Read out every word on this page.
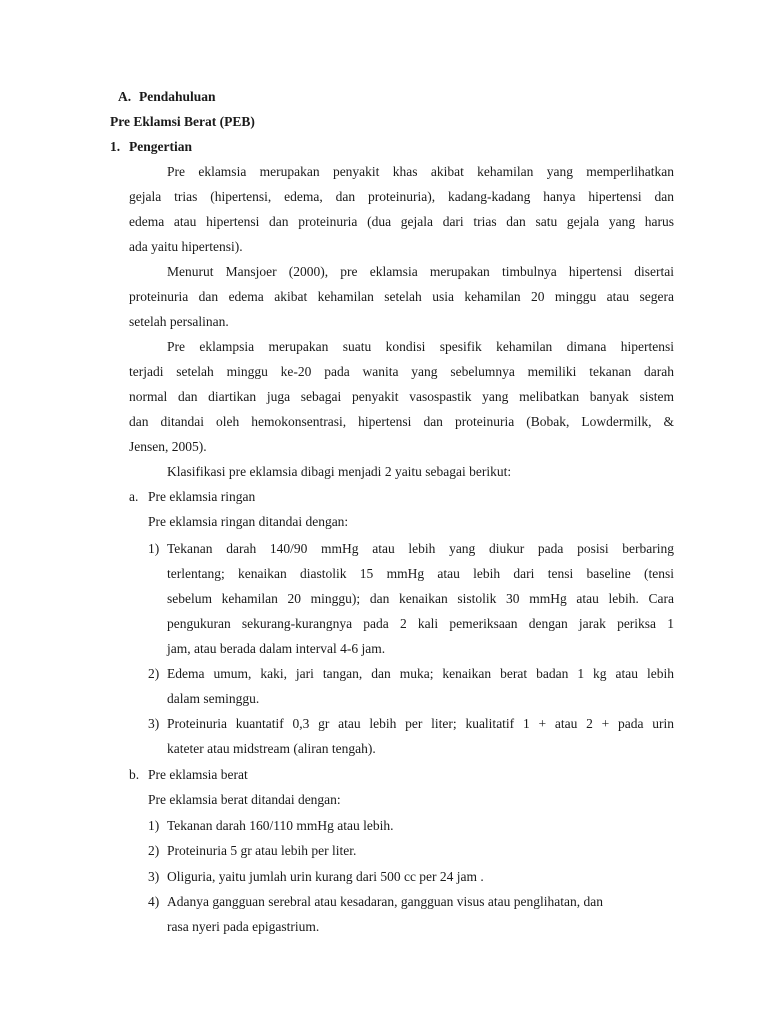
A. Pendahuluan
Pre Eklamsi Berat (PEB)
1. Pengertian
Pre eklamsia merupakan penyakit khas akibat kehamilan yang memperlihatkan
gejala trias (hipertensi, edema, dan proteinuria), kadang-kadang hanya hipertensi dan
edema atau hipertensi dan proteinuria (dua gejala dari trias dan satu gejala yang harus
ada yaitu hipertensi).
Menurut Mansjoer (2000), pre eklamsia merupakan timbulnya hipertensi disertai
proteinuria dan edema akibat kehamilan setelah usia kehamilan 20 minggu atau segera
setelah persalinan.
Pre eklampsia merupakan suatu kondisi spesifik kehamilan dimana hipertensi
terjadi setelah minggu ke-20 pada wanita yang sebelumnya memiliki tekanan darah
normal dan diartikan juga sebagai penyakit vasospastik yang melibatkan banyak sistem
dan ditandai oleh hemokonsentrasi, hipertensi dan proteinuria (Bobak, Lowdermilk, &
Jensen, 2005).
Klasifikasi pre eklamsia dibagi menjadi 2 yaitu sebagai berikut:
a. Pre eklamsia ringan
Pre eklamsia ringan ditandai dengan:
1) Tekanan darah 140/90 mmHg atau lebih yang diukur pada posisi berbaring
terlentang; kenaikan diastolik 15 mmHg atau lebih dari tensi baseline (tensi
sebelum kehamilan 20 minggu); dan kenaikan sistolik 30 mmHg atau lebih. Cara
pengukuran sekurang-kurangnya pada 2 kali pemeriksaan dengan jarak periksa 1
jam, atau berada dalam interval 4-6 jam.
2) Edema umum, kaki, jari tangan, dan muka; kenaikan berat badan 1 kg atau lebih
dalam seminggu.
3) Proteinuria kuantatif 0,3 gr atau lebih per liter; kualitatif 1 + atau 2 + pada urin
kateter atau midstream (aliran tengah).
b. Pre eklamsia berat
Pre eklamsia berat ditandai dengan:
1) Tekanan darah 160/110 mmHg atau lebih.
2) Proteinuria 5 gr atau lebih per liter.
3) Oliguria, yaitu jumlah urin kurang dari 500 cc per 24 jam .
4) Adanya gangguan serebral atau kesadaran, gangguan visus atau penglihatan, dan
rasa nyeri pada epigastrium.
